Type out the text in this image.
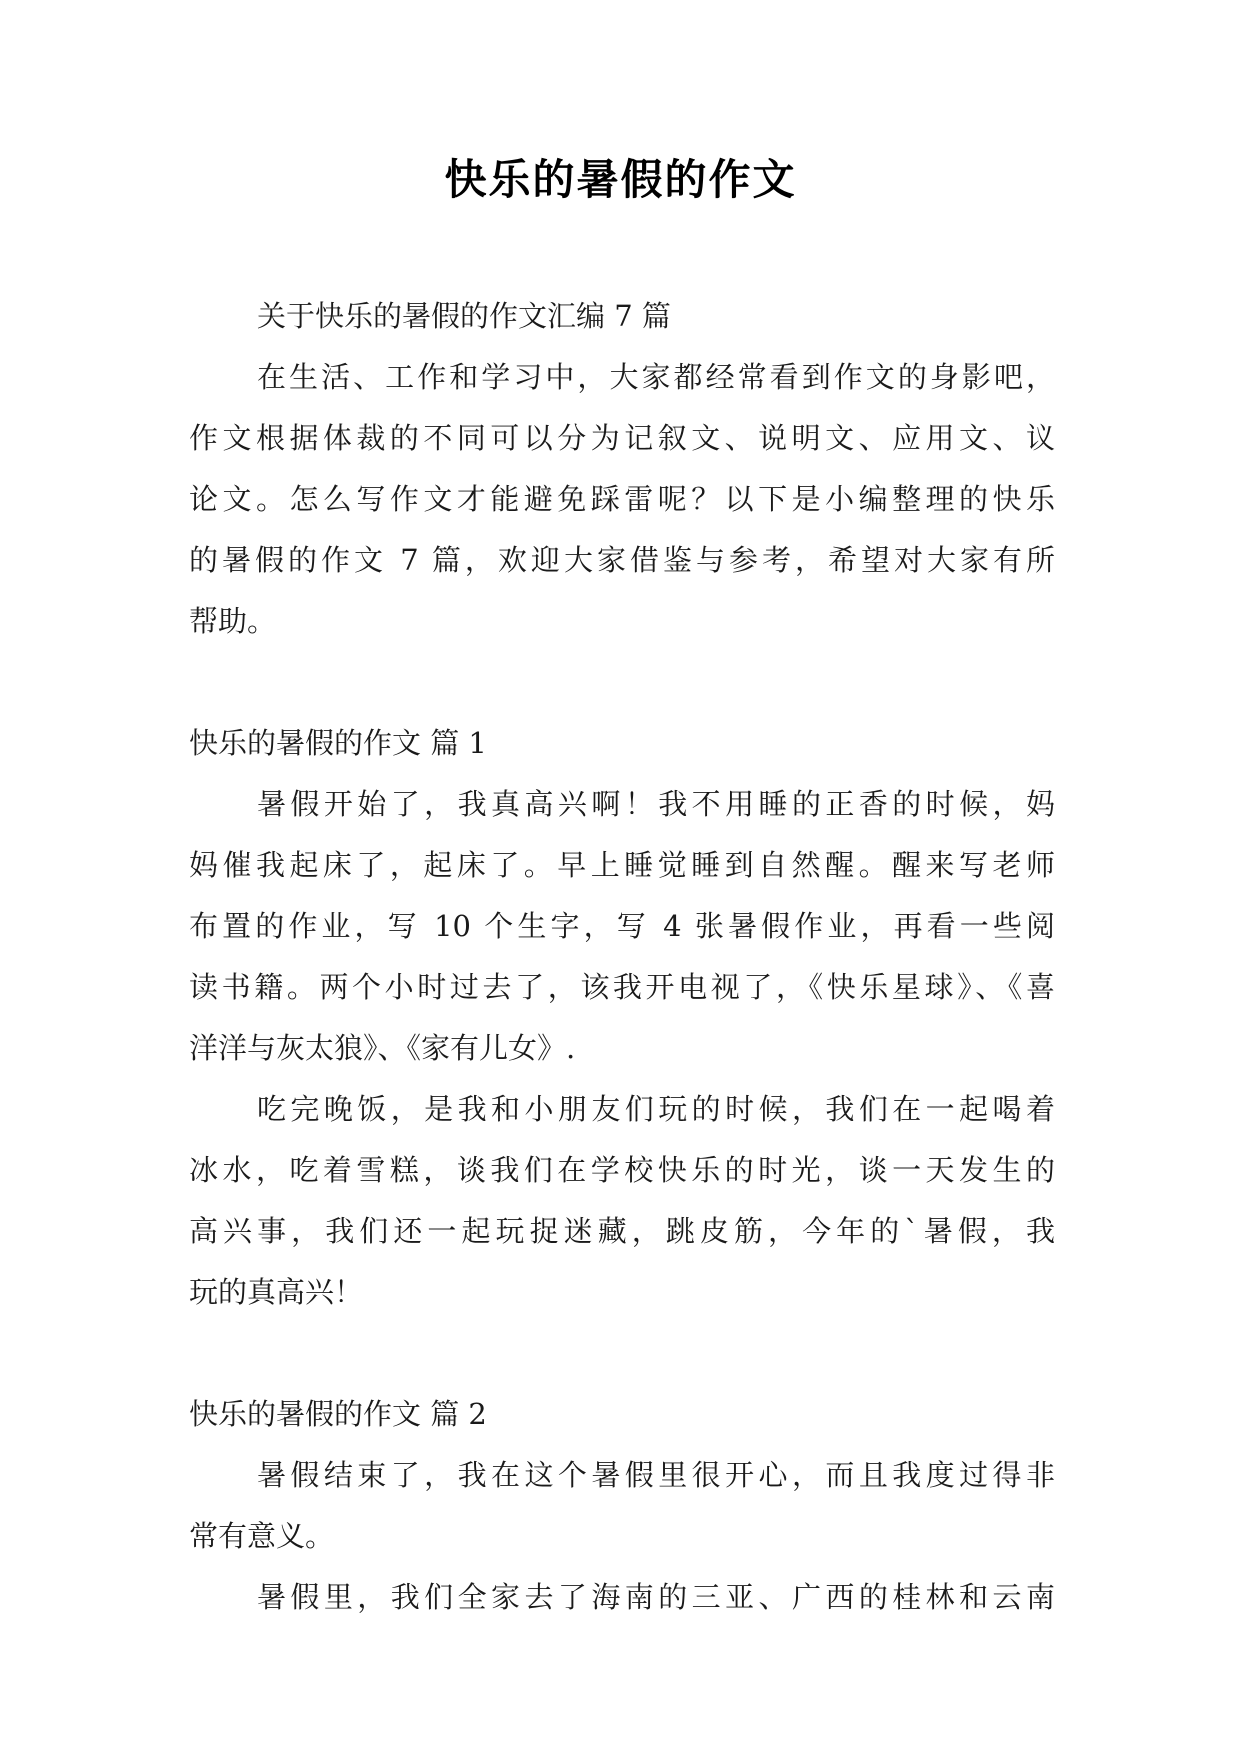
快乐的暑假的作文
关于快乐的暑假的作文汇编 7 篇
在生活、工作和学习中，大家都经常看到作文的身影吧，
作文根据体裁的不同可以分为记叙文、说明文、应用文、议
论文。怎么写作文才能避免踩雷呢？以下是小编整理的快乐
的暑假的作文 7 篇，欢迎大家借鉴与参考，希望对大家有所
帮助。
快乐的暑假的作文 篇 1
暑假开始了，我真高兴啊！我不用睡的正香的时候，妈
妈催我起床了，起床了。早上睡觉睡到自然醒。醒来写老师
布置的作业，写 10 个生字，写 4 张暑假作业，再看一些阅
读书籍。两个小时过去了，该我开电视了，《快乐星球》、《喜
洋洋与灰太狼》、《家有儿女》.
吃完晚饭，是我和小朋友们玩的时候，我们在一起喝着
冰水，吃着雪糕，谈我们在学校快乐的时光，谈一天发生的
高兴事，我们还一起玩捉迷藏，跳皮筋，今年的`暑假，我
玩的真高兴！
快乐的暑假的作文 篇 2
暑假结束了，我在这个暑假里很开心，而且我度过得非
常有意义。
暑假里，我们全家去了海南的三亚、广西的桂林和云南
